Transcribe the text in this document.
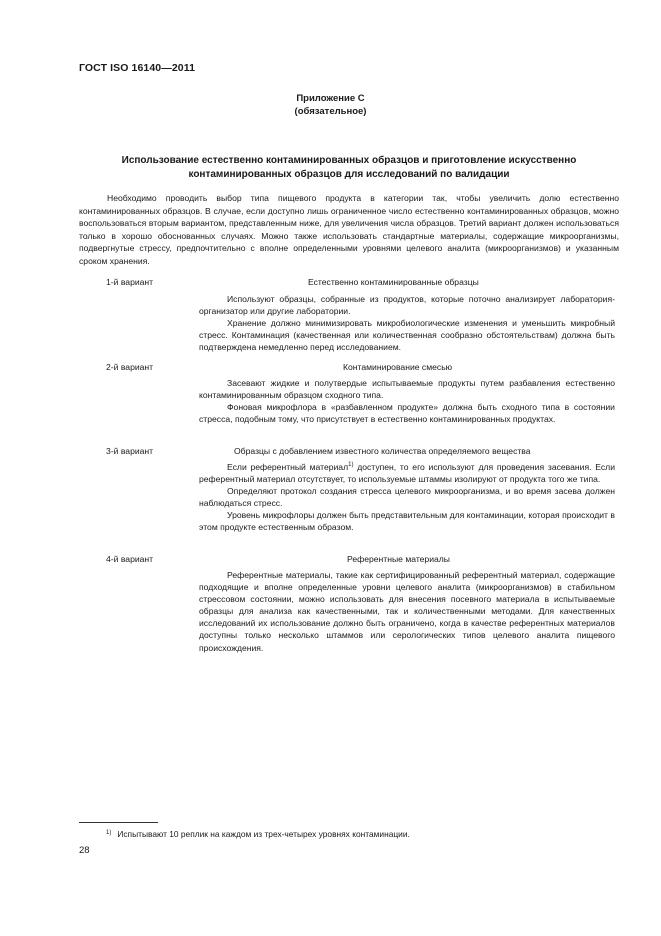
ГОСТ ISO 16140—2011
Приложение С
(обязательное)
Использование естественно контаминированных образцов и приготовление искусственно
контаминированных образцов для исследований по валидации

Необходимо проводить выбор типа пищевого продукта в категории так, чтобы увеличить долю естественно контаминированных образцов. В случае, если доступно лишь ограниченное число естественно контаминированных образцов, можно воспользоваться вторым вариантом, представленным ниже, для увеличения числа образцов. Третий вариант должен использоваться только в хорошо обоснованных случаях. Можно также использовать стандартные материалы, содержащие микроорганизмы, подвергнутые стрессу, предпочтительно с вполне определенными уровнями целевого аналита (микроорганизмов) и указанным сроком хранения.

1-й вариант	Естественно контаминированные образцы

Используют образцы, собранные из продуктов, которые поточно анализирует лаборатория-организатор или другие лаборатории.

Хранение должно минимизировать микробиологические изменения и уменьшить микробный стресс. Контаминация (качественная или количественная сообразно обстоятельствам) должна быть подтверждена немедленно перед исследованием.

2-й вариант	Контаминирование смесью

Засевают жидкие и полутвердые испытываемые продукты путем разбавления естественно контаминированным образцом сходного типа.

Фоновая микрофлора в «разбавленном продукте» должна быть сходного типа в состоянии стресса, подобным тому, что присутствует в естественно контаминированных продуктах.

3-й вариант	Образцы с добавлением известного количества определяемого вещества

Если референтный материал$^{1)}$ доступен, то его используют для проведения засевания. Если референтный материал отсутствует, то используемые штаммы изолируют от продукта того же типа.

Определяют протокол создания стресса целевого микроорганизма, и во время засева должен наблюдаться стресс.

Уровень микрофлоры должен быть представительным для контаминации, которая происходит в этом продукте естественным образом.

4-й вариант	Референтные материалы

Референтные материалы, такие как сертифицированный референтный материал, содержащие подходящие и вполне определенные уровни целевого аналита (микроорганизмов) в стабильном стрессовом состоянии, можно использовать для внесения посевного материала в испытываемые образцы для анализа как качественными, так и количественными методами. Для качественных исследований их использование должно быть ограничено, когда в качестве референтных материалов доступны только несколько штаммов или серологических типов целевого аналита пищевого происхождения.

$^{1)}$ Испытывают 10 реплик на каждом из трех-четырех уровнях контаминации.
28
